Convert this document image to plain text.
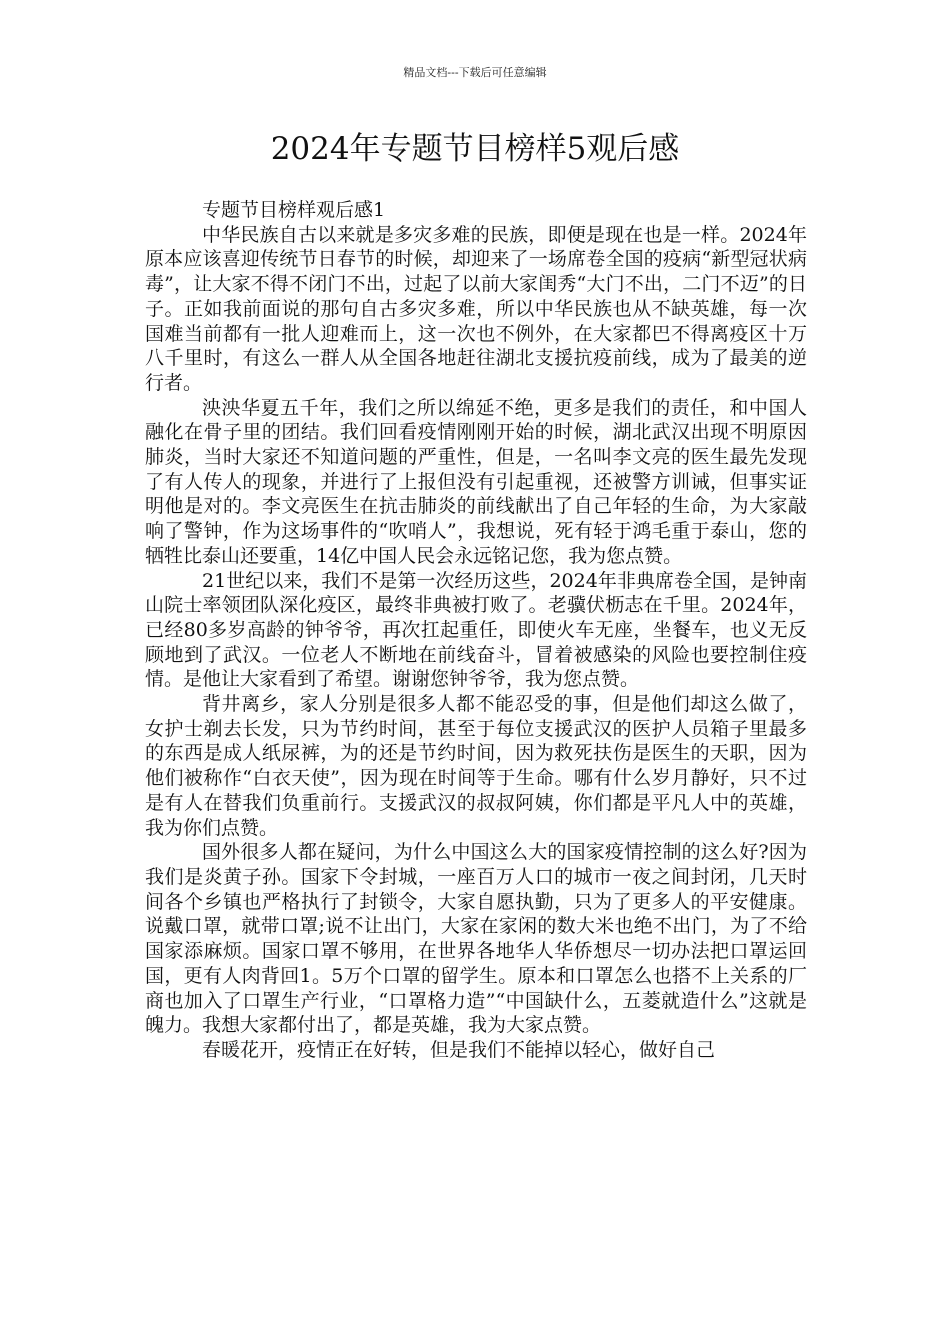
精品文档---下载后可任意编辑
2024年专题节目榜样5观后感

专题节目榜样观后感1

中华民族自古以来就是多灾多难的民族，即便是现在也是一样。2024年原本应该喜迎传统节日春节的时候，却迎来了一场席卷全国的疫病“新型冠状病毒”，让大家不得不闭门不出，过起了以前大家闺秀“大门不出，二门不迈”的日子。正如我前面说的那句自古多灾多难，所以中华民族也从不缺英雄，每一次国难当前都有一批人迎难而上，这一次也不例外，在大家都巴不得离疫区十万八千里时，有这么一群人从全国各地赶往湖北支援抗疫前线，成为了最美的逆行者。

泱泱华夏五千年，我们之所以绵延不绝，更多是我们的责任，和中国人融化在骨子里的团结。我们回看疫情刚刚开始的时候，湖北武汉出现不明原因肺炎，当时大家还不知道问题的严重性，但是，一名叫李文亮的医生最先发现了有人传人的现象，并进行了上报但没有引起重视，还被警方训诫，但事实证明他是对的。李文亮医生在抗击肺炎的前线献出了自己年轻的生命，为大家敲响了警钟，作为这场事件的“吹哨人”，我想说，死有轻于鸿毛重于泰山，您的牺牲比泰山还要重，14亿中国人民会永远铭记您，我为您点赞。

21世纪以来，我们不是第一次经历这些，2024年非典席卷全国，是钟南山院士率领团队深化疫区，最终非典被打败了。老骥伏枥志在千里。2024年，已经80多岁高龄的钟爷爷，再次扛起重任，即使火车无座，坐餐车，也义无反顾地到了武汉。一位老人不断地在前线奋斗，冒着被感染的风险也要控制住疫情。是他让大家看到了希望。谢谢您钟爷爷，我为您点赞。

背井离乡，家人分别是很多人都不能忍受的事，但是他们却这么做了，女护士剃去长发，只为节约时间，甚至于每位支援武汉的医护人员箱子里最多的东西是成人纸尿裤，为的还是节约时间，因为救死扶伤是医生的天职，因为他们被称作“白衣天使”，因为现在时间等于生命。哪有什么岁月静好，只不过是有人在替我们负重前行。支援武汉的叔叔阿姨，你们都是平凡人中的英雄，我为你们点赞。

国外很多人都在疑问，为什么中国这么大的国家疫情控制的这么好?因为我们是炎黄子孙。国家下令封城，一座百万人口的城市一夜之间封闭，几天时间各个乡镇也严格执行了封锁令，大家自愿执勤，只为了更多人的平安健康。说戴口罩，就带口罩;说不让出门，大家在家闲的数大米也绝不出门，为了不给国家添麻烦。国家口罩不够用，在世界各地华人华侨想尽一切办法把口罩运回国，更有人肉背回1。5万个口罩的留学生。原本和口罩怎么也搭不上关系的厂商也加入了口罩生产行业，“口罩格力造”“中国缺什么，五菱就造什么”这就是魄力。我想大家都付出了，都是英雄，我为大家点赞。

春暖花开，疫情正在好转，但是我们不能掉以轻心，做好自己
